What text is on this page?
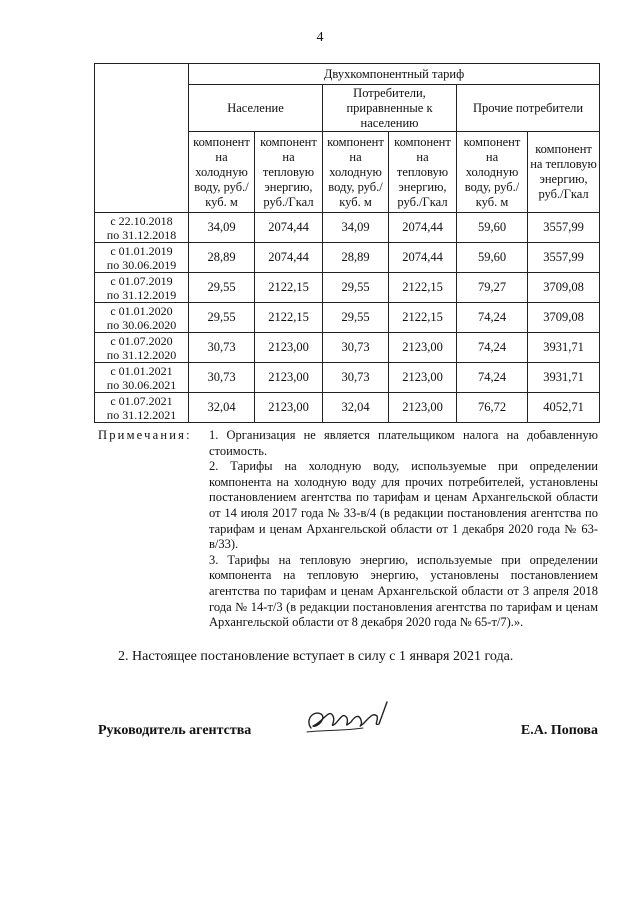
4
	Двухкомпонентный тариф					
	Население		Потребители, приравненные к населению		Прочие потребители	
	компонент на холодную воду, руб./куб. м	компонент на тепловую энергию, руб./Гкал	компонент на холодную воду, руб./куб. м	компонент на тепловую энергию, руб./Гкал	компонент на холодную воду, руб./куб. м	компонент на тепловую энергию, руб./Гкал

с 22.10.2018
по 31.12.2018	34,09	2074,44	34,09	2074,44	59,60	3557,99

с 01.01.2019
по 30.06.2019	28,89	2074,44	28,89	2074,44	59,60	3557,99

с 01.07.2019
по 31.12.2019	29,55	2122,15	29,55	2122,15	79,27	3709,08

с 01.01.2020
по 30.06.2020	29,55	2122,15	29,55	2122,15	74,24	3709,08

с 01.07.2020
по 31.12.2020	30,73	2123,00	30,73	2123,00	74,24	3931,71

с 01.01.2021
по 30.06.2021	30,73	2123,00	30,73	2123,00	74,24	3931,71

с 01.07.2021
по 31.12.2021	32,04	2123,00	32,04	2123,00	76,72	4052,71
Примечания: 1. Организация не является плательщиком налога на добавленную стоимость.

2. Тарифы на холодную воду, используемые при определении компонента на холодную воду для прочих потребителей, установлены постановлением агентства по тарифам и ценам Архангельской области от 14 июля 2017 года № 33-в/4 (в редакции постановления агентства по тарифам и ценам Архангельской области от 1 декабря 2020 года № 63-в/33).

3. Тарифы на тепловую энергию, используемые при определении компонента на тепловую энергию, установлены постановлением агентства по тарифам и ценам Архангельской области от 3 апреля 2018 года № 14-т/3 (в редакции постановления агентства по тарифам и ценам Архангельской области от 8 декабря 2020 года № 65-т/7).».

2. Настоящее постановление вступает в силу с 1 января 2021 года.
Руководитель агентства	Е.А. Попова
